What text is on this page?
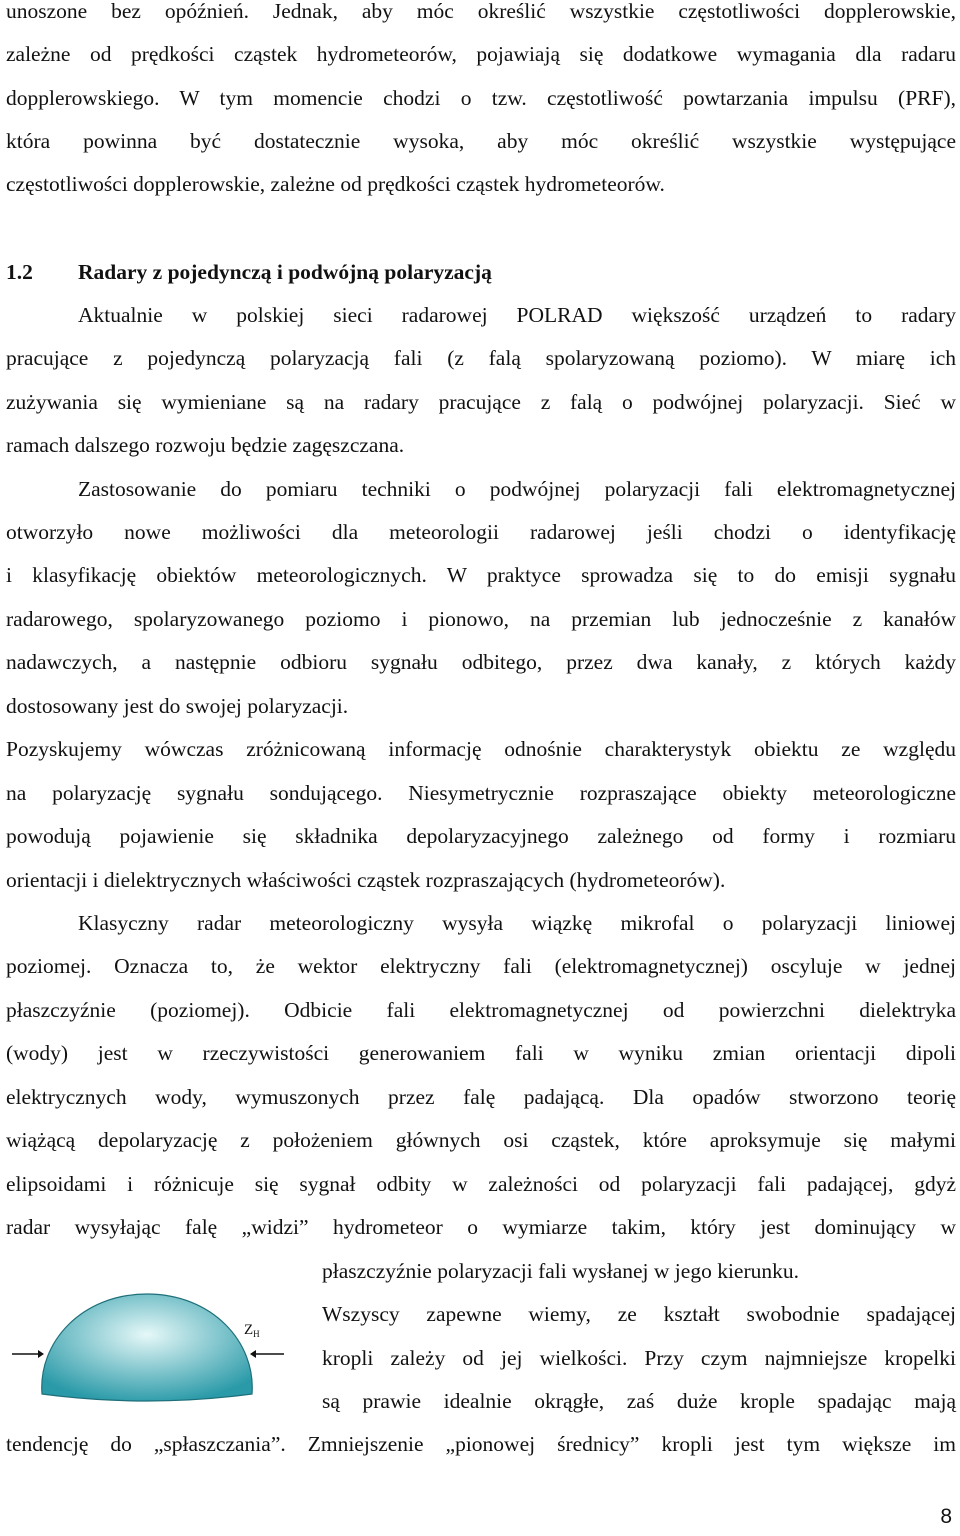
unoszone bez opóźnień. Jednak, aby móc określić wszystkie częstotliwości dopplerowskie,
zależne od prędkości cząstek hydrometeorów, pojawiają się dodatkowe wymagania dla radaru
dopplerowskiego. W tym momencie chodzi o tzw. częstotliwość powtarzania impulsu (PRF),
która powinna być dostatecznie wysoka, aby móc określić wszystkie występujące
częstotliwości dopplerowskie, zależne od prędkości cząstek hydrometeorów.
1.2 Radary z pojedynczą i podwójną polaryzacją
Aktualnie w polskiej sieci radarowej POLRAD większość urządzeń to radary
pracujące z pojedynczą polaryzacją fali (z falą spolaryzowaną poziomo). W miarę ich
zużywania się wymieniane są na radary pracujące z falą o podwójnej polaryzacji. Sieć w
ramach dalszego rozwoju będzie zagęszczana.
Zastosowanie do pomiaru techniki o podwójnej polaryzacji fali elektromagnetycznej
otworzyło nowe możliwości dla meteorologii radarowej jeśli chodzi o identyfikację
i klasyfikację obiektów meteorologicznych. W praktyce sprowadza się to do emisji sygnału
radarowego, spolaryzowanego poziomo i pionowo, na przemian lub jednocześnie z kanałów
nadawczych, a następnie odbioru sygnału odbitego, przez dwa kanały, z których każdy
dostosowany jest do swojej polaryzacji.
Pozyskujemy wówczas zróżnicowaną informację odnośnie charakterystyk obiektu ze względu
na polaryzację sygnału sondującego. Niesymetrycznie rozpraszające obiekty meteorologiczne
powodują pojawienie się składnika depolaryzacyjnego zależnego od formy i rozmiaru
orientacji i dielektrycznych właściwości cząstek rozpraszających (hydrometeorów).
Klasyczny radar meteorologiczny wysyła wiązkę mikrofal o polaryzacji liniowej
poziomej. Oznacza to, że wektor elektryczny fali (elektromagnetycznej) oscyluje w jednej
płaszczyźnie (poziomej). Odbicie fali elektromagnetycznej od powierzchni dielektryka
(wody) jest w rzeczywistości generowaniem fali w wyniku zmian orientacji dipoli
elektrycznych wody, wymuszonych przez falę padającą. Dla opadów stworzono teorię
wiążącą depolaryzację z położeniem głównych osi cząstek, które aproksymuje się małymi
elipsoidami i różnicuje się sygnał odbity w zależności od polaryzacji fali padającej, gdyż
radar wysyłając falę „widzi” hydrometeor o wymiarze takim, który jest dominujący w
płaszczyźnie polaryzacji fali wysłanej w jego kierunku.
Wszyscy zapewne wiemy, ze kształt swobodnie spadającej
kropli zależy od jej wielkości. Przy czym najmniejsze kropelki
są prawie idealnie okrągłe, zaś duże krople spadając mają
tendencję do „spłaszczania”. Zmniejszenie „pionowej średnicy” kropli jest tym większe im
$Z_H$
8
